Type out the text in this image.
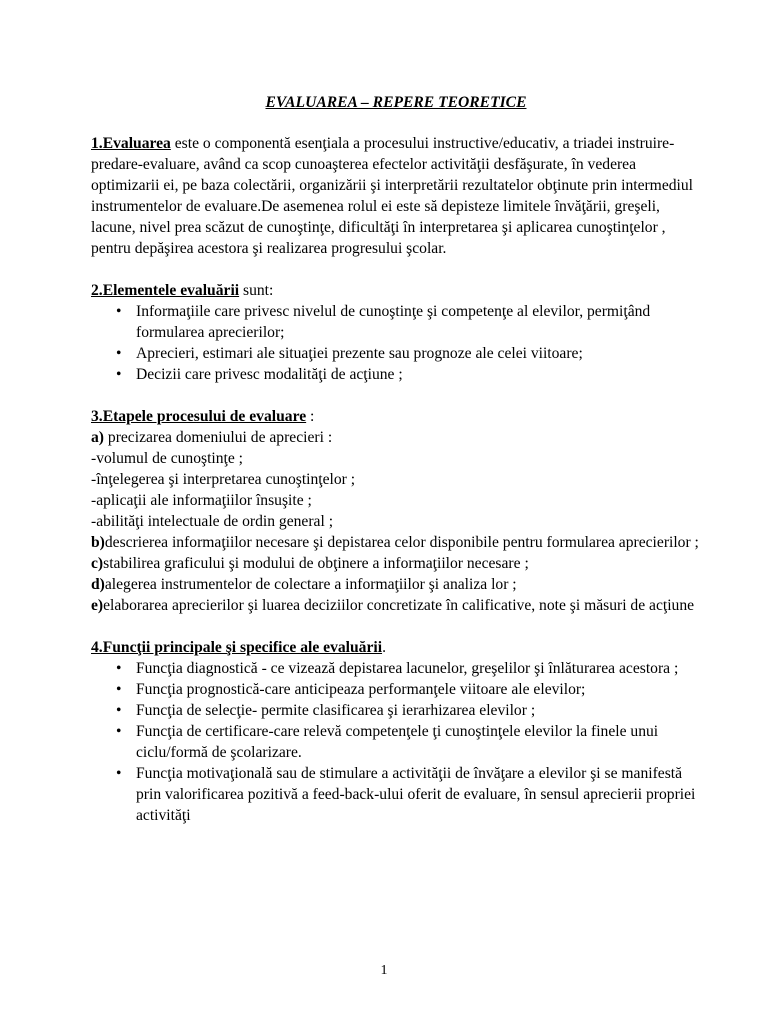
EVALUAREA – REPERE TEORETICE

1.Evaluarea este o componentă esenţiala a procesului instructive/educativ, a triadei instruire-predare-evaluare, având ca scop cunoaşterea efectelor activităţii desfăşurate, în vederea optimizarii ei, pe baza colectării, organizării şi interpretării rezultatelor obţinute prin intermediul instrumentelor de evaluare.De asemenea rolul ei este să depisteze limitele învăţării, greşeli, lacune, nivel prea scăzut de cunoştinţe, dificultăţi în interpretarea şi aplicarea cunoştinţelor , pentru depăşirea acestora şi realizarea progresului şcolar.

2.Elementele evaluării sunt:

• Informaţiile care privesc nivelul de cunoştinţe şi competenţe al elevilor, permiţând formularea aprecierilor;
• Aprecieri, estimari ale situaţiei prezente sau prognoze ale celei viitoare;
• Decizii care privesc modalităţi de acţiune ;

3.Etapele procesului de evaluare :

a) precizarea domeniului de aprecieri :

-volumul de cunoştinţe ;
-înţelegerea şi interpretarea cunoştinţelor ;
-aplicaţii ale informaţiilor însuşite ;
-abilităţi intelectuale de ordin general ;

b)descrierea informaţiilor necesare şi depistarea celor disponibile pentru formularea aprecierilor ;

c)stabilirea graficului şi modului de obţinere a informaţiilor necesare ;

d)alegerea instrumentelor de colectare a informaţiilor şi analiza lor ;

e)elaborarea aprecierilor şi luarea deciziilor concretizate în calificative, note şi măsuri de acţiune

4.Funcţii principale şi specifice ale evaluării.

• Funcţia diagnostică - ce vizează depistarea lacunelor, greşelilor şi înlăturarea acestora ;
• Funcţia prognostică-care anticipeaza performanţele viitoare ale elevilor;
• Funcţia de selecţie- permite clasificarea şi ierarhizarea elevilor ;
• Funcţia de certificare-care relevă competenţele ţi cunoştinţele elevilor la finele unui ciclu/formă de şcolarizare.
• Funcţia motivaţională sau de stimulare a activităţii de învăţare a elevilor şi se manifestă prin valorificarea pozitivă a feed-back-ului oferit de evaluare, în sensul aprecierii propriei activităţi
1
